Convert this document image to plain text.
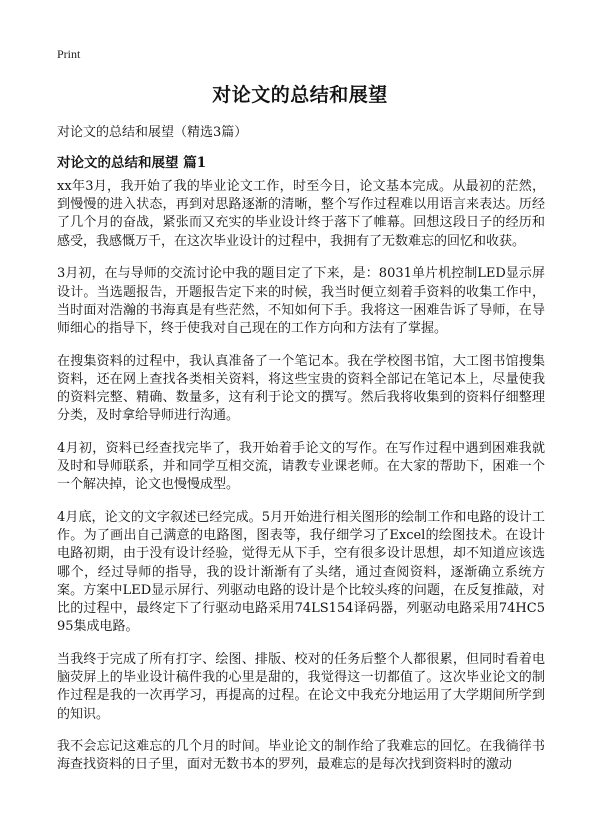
Print
对论文的总结和展望

对论文的总结和展望（精选3篇）

对论文的总结和展望 篇1

xx年3月，我开始了我的毕业论文工作，时至今日，论文基本完成。从最初的茫然，到慢慢的进入状态，再到对思路逐渐的清晰，整个写作过程难以用语言来表达。历经了几个月的奋战，紧张而又充实的毕业设计终于落下了帷幕。回想这段日子的经历和感受，我感慨万千，在这次毕业设计的过程中，我拥有了无数难忘的回忆和收获。

3月初，在与导师的交流讨论中我的题目定了下来，是：8031单片机控制LED显示屏设计。当选题报告，开题报告定下来的时候，我当时便立刻着手资料的收集工作中，当时面对浩瀚的书海真是有些茫然，不知如何下手。我将这一困难告诉了导师，在导师细心的指导下，终于使我对自己现在的工作方向和方法有了掌握。

在搜集资料的过程中，我认真准备了一个笔记本。我在学校图书馆，大工图书馆搜集资料，还在网上查找各类相关资料，将这些宝贵的资料全部记在笔记本上，尽量使我的资料完整、精确、数量多，这有利于论文的撰写。然后我将收集到的资料仔细整理分类，及时拿给导师进行沟通。

4月初，资料已经查找完毕了，我开始着手论文的写作。在写作过程中遇到困难我就及时和导师联系，并和同学互相交流，请教专业课老师。在大家的帮助下，困难一个一个解决掉，论文也慢慢成型。

4月底，论文的文字叙述已经完成。5月开始进行相关图形的绘制工作和电路的设计工作。为了画出自己满意的电路图，图表等，我仔细学习了Excel的绘图技术。在设计电路初期，由于没有设计经验，觉得无从下手，空有很多设计思想，却不知道应该选哪个，经过导师的指导，我的设计渐渐有了头绪，通过查阅资料，逐渐确立系统方案。方案中LED显示屏行、列驱动电路的设计是个比较头疼的问题，在反复推敲，对比的过程中，最终定下了行驱动电路采用74LS154译码器，列驱动电路采用74HC595集成电路。

当我终于完成了所有打字、绘图、排版、校对的任务后整个人都很累，但同时看着电脑荧屏上的毕业设计稿件我的心里是甜的，我觉得这一切都值了。这次毕业论文的制作过程是我的一次再学习，再提高的过程。在论文中我充分地运用了大学期间所学到的知识。

我不会忘记这难忘的几个月的时间。毕业论文的制作给了我难忘的回忆。在我徜徉书海查找资料的日子里，面对无数书本的罗列，最难忘的是每次找到资料时的激动
